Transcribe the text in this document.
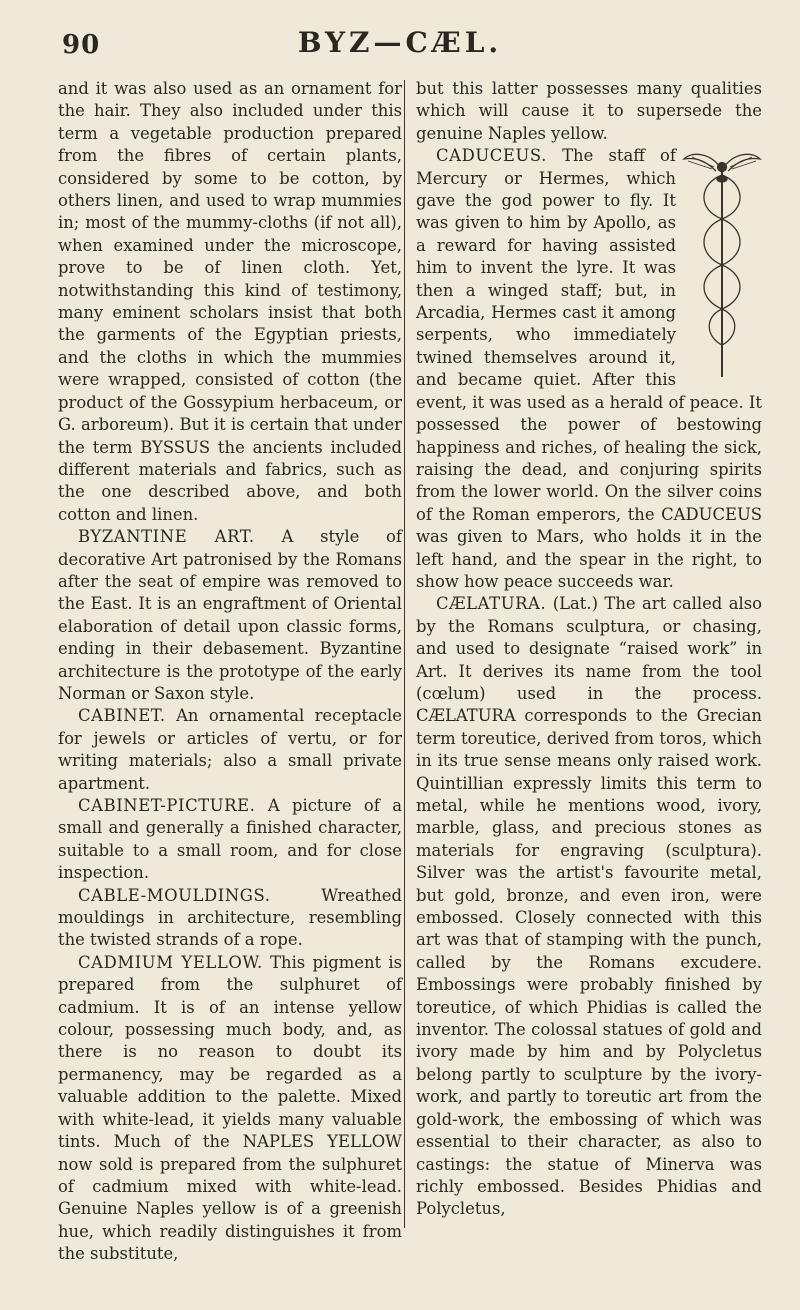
90	BYZ—CÆL.

and it was also used as an ornament for the hair. They also included under this term a vegetable production prepared from the fibres of certain plants, considered by some to be cotton, by others linen, and used to wrap mummies in; most of the mummy-cloths (if not all), when examined under the microscope, prove to be of linen cloth. Yet, notwithstanding this kind of testimony, many eminent scholars insist that both the garments of the Egyptian priests, and the cloths in which the mummies were wrapped, consisted of cotton (the product of the Gossypium herbaceum, or G. arboreum). But it is certain that under the term BYSSUS the ancients included different materials and fabrics, such as the one described above, and both cotton and linen.

BYZANTINE ART. A style of decorative Art patronised by the Romans after the seat of empire was removed to the East. It is an engraftment of Oriental elaboration of detail upon classic forms, ending in their debasement. Byzantine architecture is the prototype of the early Norman or Saxon style.

CABINET. An ornamental receptacle for jewels or articles of vertu, or for writing materials; also a small private apartment.

CABINET-PICTURE. A picture of a small and generally a finished character, suitable to a small room, and for close inspection.

CABLE-MOULDINGS.	Wreathed mouldings in architecture, resembling the twisted strands of a rope.

CADMIUM YELLOW. This pigment is prepared from the sulphuret of cadmium. It is of an intense yellow colour, possessing much body, and, as there is no reason to doubt its permanency, may be regarded as a valuable addition to the palette. Mixed with white-lead, it yields many valuable tints. Much of the NAPLES YELLOW now sold is prepared from the sulphuret of cadmium mixed with white-lead. Genuine Naples yellow is of a greenish hue, which readily distinguishes it from the substitute,

but this latter possesses many qualities which will cause it to supersede the genuine Naples yellow.

CADUCEUS. The staff of Mercury or Hermes, which gave the god power to fly. It was given to him by Apollo, as a reward for having assisted him to invent the lyre. It was then a winged staff; but, in Arcadia, Hermes cast it among serpents, who immediately twined themselves around it, and became quiet. After this event, it was used as a herald of peace. It possessed the power of bestowing happiness and riches, of healing the sick, raising the dead, and conjuring spirits from the lower world. On the silver coins of the Roman emperors, the CADUCEUS was given to Mars, who holds it in the left hand, and the spear in the right, to show how peace succeeds war.

CÆLATURA. (Lat.) The art called also by the Romans sculptura, or chasing, and used to designate “raised work” in Art. It derives its name from the tool (cœlum) used in the process. CÆLATURA corresponds to the Grecian term toreutice, derived from toros, which in its true sense means only raised work. Quintillian expressly limits this term to metal, while he mentions wood, ivory, marble, glass, and precious stones as materials for engraving (sculptura). Silver was the artist's favourite metal, but gold, bronze, and even iron, were embossed. Closely connected with this art was that of stamping with the punch, called by the Romans excudere. Embossings were probably finished by toreutice, of which Phidias is called the inventor. The colossal statues of gold and ivory made by him and by Polycletus belong partly to sculpture by the ivory-work, and partly to toreutic art from the gold-work, the embossing of which was essential to their character, as also to castings: the statue of Minerva was richly embossed. Besides Phidias and Polycletus,
